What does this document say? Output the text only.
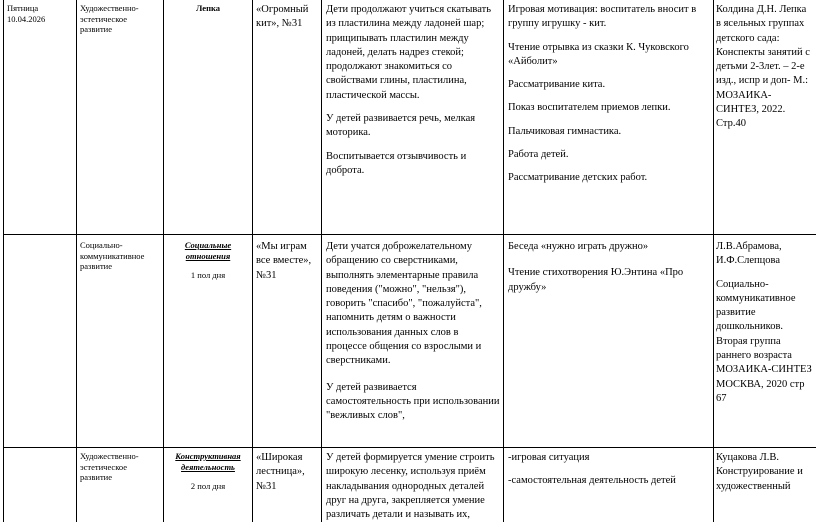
Пятница

10.04.2026

Художественно-эстетическое развитие

Лепка	«Огромный кит», №31

Дети продолжают учиться скатывать из пластилина между ладоней шар; прищипывать пластилин между ладоней, делать надрез стекой; продолжают знакомиться со свойствами глины, пластилина, пластической массы.

У детей развивается речь, мелкая моторика.

Воспитывается отзывчивость и доброта.

Игровая мотивация: воспитатель вносит в группу игрушку - кит.

Чтение отрывка из сказки К. Чуковского «Айболит»

Рассматривание кита.

Показ воспитателем приемов лепки.

Пальчиковая гимнастика.

Работа детей.

Рассматривание детских работ.

Колдина Д.Н. Лепка в ясельных группах детского сада: Конспекты занятий с детьми 2-3лет. – 2-е изд., испр и доп- М.: МОЗАИКА-СИНТЕЗ, 2022. Стр.40
Социально-коммуникативное развитие

Социальные отношения

1 пол дня

«Мы играм все вместе», №31

Дети учатся доброжелательному обращению со сверстниками, выполнять элементарные правила поведения ("можно", "нельзя"), говорить "спасибо", "пожалуйста", напомнить детям о важности использования данных слов в процессе общения со взрослыми и сверстниками.

У детей развивается самостоятельность при использовании "вежливых слов",

Беседа «нужно играть дружно»

Чтение стихотворения Ю.Энтина «Про дружбу»

Л.В.Абрамова, И.Ф.Слепцова

Социально-коммуникативное развитие дошкольников. Вторая группа раннего возраста МОЗАИКА-СИНТЕЗ МОСКВА, 2020 стр 67

Художественно-эстетическое развитие

Конструктивная деятельность

2 пол дня

«Широкая лестница», №31

У детей формируется умение строить широкую лесенку, используя приём накладывания однородных деталей друг на друга, закрепляется умение различать детали и называть их,

-игровая ситуация

-самостоятельная деятельность детей

Куцакова Л.В. Конструирование и художественный
